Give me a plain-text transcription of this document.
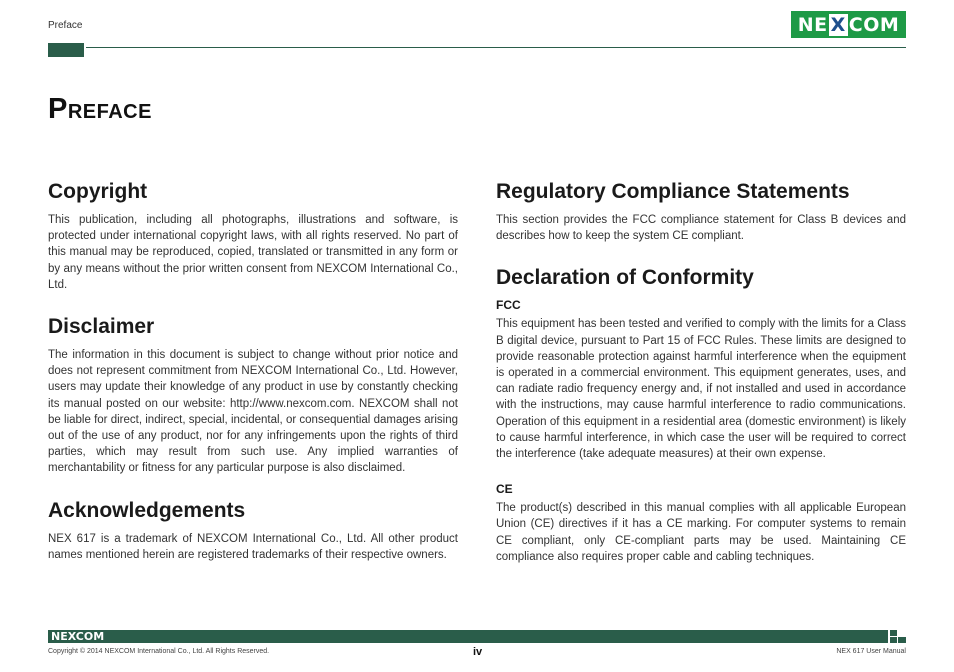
Preface	NE X COM
Preface
Copyright

This publication, including all photographs, illustrations and software, is protected under international copyright laws, with all rights reserved. No part of this manual may be reproduced, copied, translated or transmitted in any form or by any means without the prior written consent from NEXCOM International Co., Ltd.

Disclaimer

The information in this document is subject to change without prior notice and does not represent commitment from NEXCOM International Co., Ltd. However, users may update their knowledge of any product in use by constantly checking its manual posted on our website: http://www.nexcom.com. NEXCOM shall not be liable for direct, indirect, special, incidental, or consequential damages arising out of the use of any product, nor for any infringements upon the rights of third parties, which may result from such use. Any implied warranties of merchantability or fitness for any particular purpose is also disclaimed.

Acknowledgements

NEX 617 is a trademark of NEXCOM International Co., Ltd. All other product names mentioned herein are registered trademarks of their respective owners.

Regulatory Compliance Statements

This section provides the FCC compliance statement for Class B devices and describes how to keep the system CE compliant.

Declaration of Conformity
FCC

This equipment has been tested and verified to comply with the limits for a Class B digital device, pursuant to Part 15 of FCC Rules. These limits are designed to provide reasonable protection against harmful interference when the equipment is operated in a commercial environment. This equipment generates, uses, and can radiate radio frequency energy and, if not installed and used in accordance with the instructions, may cause harmful interference to radio communications. Operation of this equipment in a residential area (domestic environment) is likely to cause harmful interference, in which case the user will be required to correct the interference (take adequate measures) at their own expense.

CE

The product(s) described in this manual complies with all applicable European Union (CE) directives if it has a CE marking. For computer systems to remain CE compliant, only CE-compliant parts may be used. Maintaining CE compliance also requires proper cable and cabling techniques.

NEXCOM
Copyright © 2014 NEXCOM International Co., Ltd. All Rights Reserved.	iv	NEX 617 User Manual
